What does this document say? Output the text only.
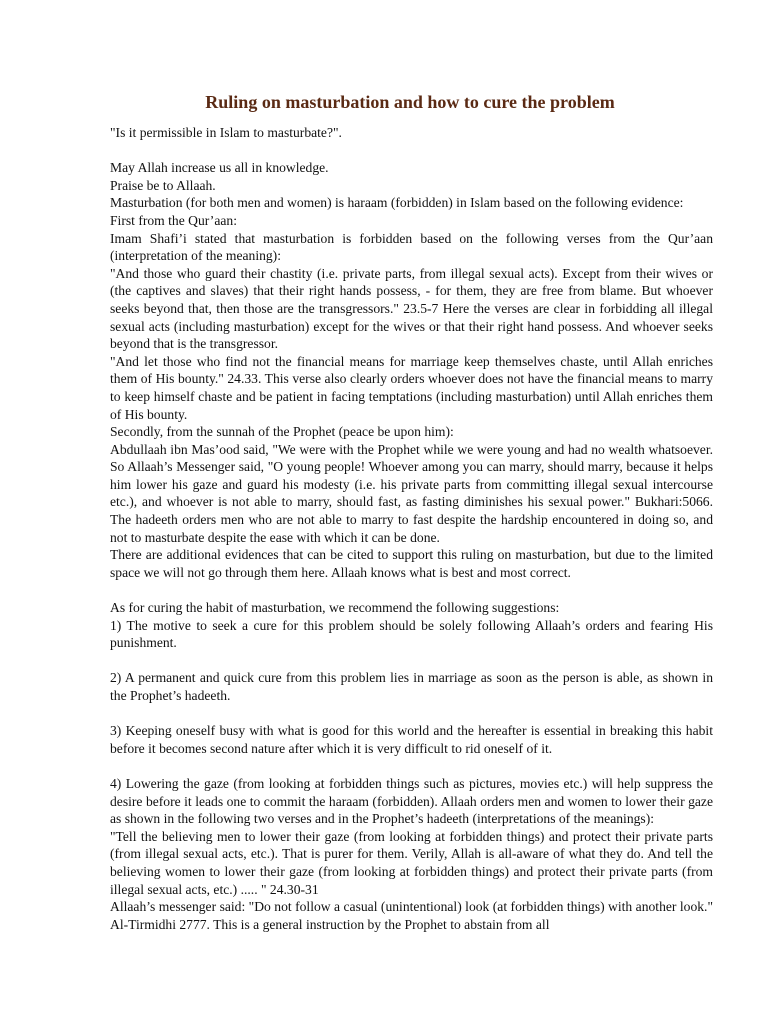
Ruling on masturbation and how to cure the problem

"Is it permissible in Islam to masturbate?".

May Allah increase us all in knowledge.

Praise be to Allaah.

Masturbation (for both men and women) is haraam (forbidden) in Islam based on the following evidence:

First from the Qur’aan:

Imam Shafi’i stated that masturbation is forbidden based on the following verses from the Qur’aan (interpretation of the meaning):

"And those who guard their chastity (i.e. private parts, from illegal sexual acts). Except from their wives or (the captives and slaves) that their right hands possess, - for them, they are free from blame. But whoever seeks beyond that, then those are the transgressors." 23.5-7 Here the verses are clear in forbidding all illegal sexual acts (including masturbation) except for the wives or that their right hand possess. And whoever seeks beyond that is the transgressor.

"And let those who find not the financial means for marriage keep themselves chaste, until Allah enriches them of His bounty." 24.33. This verse also clearly orders whoever does not have the financial means to marry to keep himself chaste and be patient in facing temptations (including masturbation) until Allah enriches them of His bounty.

Secondly, from the sunnah of the Prophet (peace be upon him):

Abdullaah ibn Mas’ood said, "We were with the Prophet while we were young and had no wealth whatsoever. So Allaah’s Messenger said, "O young people! Whoever among you can marry, should marry, because it helps him lower his gaze and guard his modesty (i.e. his private parts from committing illegal sexual intercourse etc.), and whoever is not able to marry, should fast, as fasting diminishes his sexual power." Bukhari:5066. The hadeeth orders men who are not able to marry to fast despite the hardship encountered in doing so, and not to masturbate despite the ease with which it can be done.

There are additional evidences that can be cited to support this ruling on masturbation, but due to the limited space we will not go through them here. Allaah knows what is best and most correct.

As for curing the habit of masturbation, we recommend the following suggestions:

1) The motive to seek a cure for this problem should be solely following Allaah’s orders and fearing His punishment.

2) A permanent and quick cure from this problem lies in marriage as soon as the person is able, as shown in the Prophet’s hadeeth.

3) Keeping oneself busy with what is good for this world and the hereafter is essential in breaking this habit before it becomes second nature after which it is very difficult to rid oneself of it.

4) Lowering the gaze (from looking at forbidden things such as pictures, movies etc.) will help suppress the desire before it leads one to commit the haraam (forbidden). Allaah orders men and women to lower their gaze as shown in the following two verses and in the Prophet’s hadeeth (interpretations of the meanings):

"Tell the believing men to lower their gaze (from looking at forbidden things) and protect their private parts (from illegal sexual acts, etc.). That is purer for them. Verily, Allah is all-aware of what they do. And tell the believing women to lower their gaze (from looking at forbidden things) and protect their private parts (from illegal sexual acts, etc.) ..... " 24.30-31

Allaah’s messenger said: "Do not follow a casual (unintentional) look (at forbidden things) with another look." Al-Tirmidhi 2777. This is a general instruction by the Prophet to abstain from all
